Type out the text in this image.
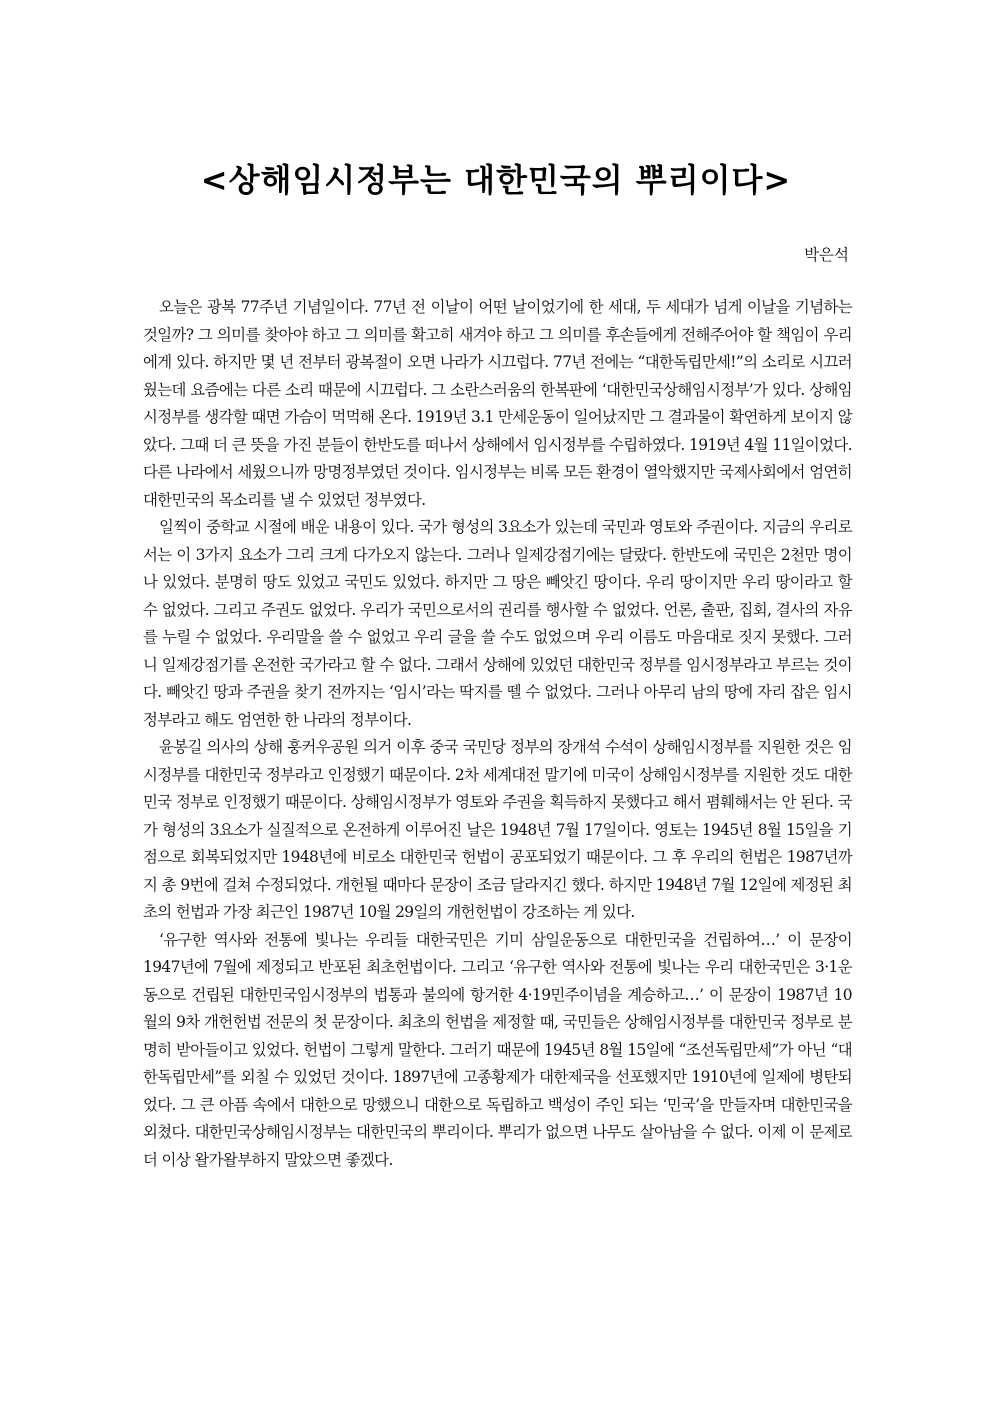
<상해임시정부는 대한민국의 뿌리이다>
박은석

오늘은 광복 77주년 기념일이다. 77년 전 이날이 어떤 날이었기에 한 세대, 두 세대가 넘게 이날을 기념하는 것일까? 그 의미를 찾아야 하고 그 의미를 확고히 새겨야 하고 그 의미를 후손들에게 전해주어야 할 책임이 우리에게 있다. 하지만 몇 년 전부터 광복절이 오면 나라가 시끄럽다. 77년 전에는 “대한독립만세!”의 소리로 시끄러웠는데 요즘에는 다른 소리 때문에 시끄럽다. 그 소란스러움의 한복판에 ‘대한민국상해임시정부’가 있다. 상해임시정부를 생각할 때면 가슴이 먹먹해 온다. 1919년 3.1 만세운동이 일어났지만 그 결과물이 확연하게 보이지 않았다. 그때 더 큰 뜻을 가진 분들이 한반도를 떠나서 상해에서 임시정부를 수립하였다. 1919년 4월 11일이었다. 다른 나라에서 세웠으니까 망명정부였던 것이다. 임시정부는 비록 모든 환경이 열악했지만 국제사회에서 엄연히 대한민국의 목소리를 낼 수 있었던 정부였다.

일찍이 중학교 시절에 배운 내용이 있다. 국가 형성의 3요소가 있는데 국민과 영토와 주권이다. 지금의 우리로서는 이 3가지 요소가 그리 크게 다가오지 않는다. 그러나 일제강점기에는 달랐다. 한반도에 국민은 2천만 명이나 있었다. 분명히 땅도 있었고 국민도 있었다. 하지만 그 땅은 빼앗긴 땅이다. 우리 땅이지만 우리 땅이라고 할 수 없었다. 그리고 주권도 없었다. 우리가 국민으로서의 권리를 행사할 수 없었다. 언론, 출판, 집회, 결사의 자유를 누릴 수 없었다. 우리말을 쓸 수 없었고 우리 글을 쓸 수도 없었으며 우리 이름도 마음대로 짓지 못했다. 그러니 일제강점기를 온전한 국가라고 할 수 없다. 그래서 상해에 있었던 대한민국 정부를 임시정부라고 부르는 것이다. 빼앗긴 땅과 주권을 찾기 전까지는 ‘임시’라는 딱지를 뗄 수 없었다. 그러나 아무리 남의 땅에 자리 잡은 임시정부라고 해도 엄연한 한 나라의 정부이다.

윤봉길 의사의 상해 훙커우공원 의거 이후 중국 국민당 정부의 장개석 수석이 상해임시정부를 지원한 것은 임시정부를 대한민국 정부라고 인정했기 때문이다. 2차 세계대전 말기에 미국이 상해임시정부를 지원한 것도 대한민국 정부로 인정했기 때문이다. 상해임시정부가 영토와 주권을 획득하지 못했다고 해서 폄훼해서는 안 된다. 국가 형성의 3요소가 실질적으로 온전하게 이루어진 날은 1948년 7월 17일이다. 영토는 1945년 8월 15일을 기점으로 회복되었지만 1948년에 비로소 대한민국 헌법이 공포되었기 때문이다. 그 후 우리의 헌법은 1987년까지 총 9번에 걸쳐 수정되었다. 개헌될 때마다 문장이 조금 달라지긴 했다. 하지만 1948년 7월 12일에 제정된 최초의 헌법과 가장 최근인 1987년 10월 29일의 개헌헌법이 강조하는 게 있다.

‘유구한 역사와 전통에 빛나는 우리들 대한국민은 기미 삼일운동으로 대한민국을 건립하여…’ 이 문장이 1947년에 7월에 제정되고 반포된 최초헌법이다. 그리고 ‘유구한 역사와 전통에 빛나는 우리 대한국민은 3·1운동으로 건립된 대한민국임시정부의 법통과 불의에 항거한 4·19민주이념을 계승하고…’ 이 문장이 1987년 10월의 9차 개헌헌법 전문의 첫 문장이다. 최초의 헌법을 제정할 때, 국민들은 상해임시정부를 대한민국 정부로 분명히 받아들이고 있었다. 헌법이 그렇게 말한다. 그러기 때문에 1945년 8월 15일에 “조선독립만세”가 아닌 “대한독립만세”를 외칠 수 있었던 것이다. 1897년에 고종황제가 대한제국을 선포했지만 1910년에 일제에 병탄되었다. 그 큰 아픔 속에서 대한으로 망했으니 대한으로 독립하고 백성이 주인 되는 ‘민국’을 만들자며 대한민국을 외쳤다. 대한민국상해임시정부는 대한민국의 뿌리이다. 뿌리가 없으면 나무도 살아남을 수 없다. 이제 이 문제로 더 이상 왈가왈부하지 말았으면 좋겠다.
